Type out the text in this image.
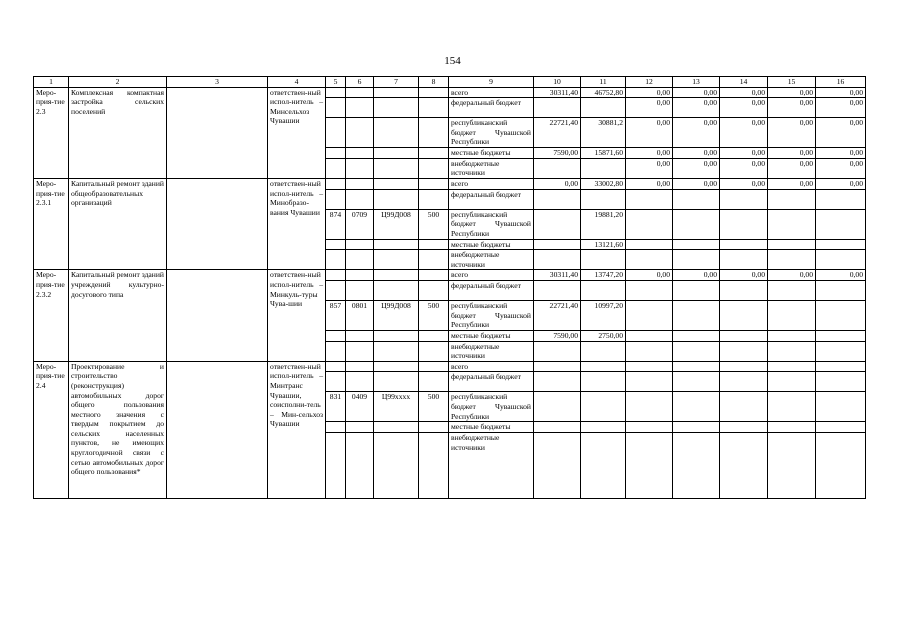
154
1	2	3	4	5	6	7	8	9	10	11	12	13	14	15	16
Меро-прия-тие 2.3	Комплексная компактная застройка сельских поселений		ответствен-ный испол-нитель – Минсельхоз Чувашии					всего	30311,40	46752,80	0,00	0,00	0,00	0,00	0,00
								федеральный бюджет			0,00	0,00	0,00	0,00	0,00
								республиканский бюджет Чувашской Республики	22721,40	30881,2	0,00	0,00	0,00	0,00	0,00
								местные бюджеты	7590,00	15871,60	0,00	0,00	0,00	0,00	0,00
								внебюджетные источники			0,00	0,00	0,00	0,00	0,00
Меро-прия-тие 2.3.1	Капитальный ремонт зданий общеобразовательных организаций		ответствен-ный испол-нитель – Минобразо-вания Чувашии					всего	0,00	33002,80	0,00	0,00	0,00	0,00	0,00
								федеральный бюджет							
				874	0709	Ц99Д008	500	республиканский бюджет Чувашской Республики		19881,20					
								местные бюджеты		13121,60					
								внебюджетные источники							
Меро-прия-тие 2.3.2	Капитальный ремонт зданий учреждений культурно-досугового типа		ответствен-ный испол-нитель – Минкуль-туры Чува-шии					всего	30311,40	13747,20	0,00	0,00	0,00	0,00	0,00
								федеральный бюджет							
				857	0801	Ц99Д008	500	республиканский бюджет Чувашской Республики	22721,40	10997,20					
								местные бюджеты	7590,00	2750,00					
								внебюджетные источники							
Меро-прия-тие 2.4	Проектирование и строительство (реконструкция) автомобильных дорог общего пользования местного значения с твердым покрытием до сельских населенных пунктов, не имеющих круглогодичной связи с сетью автомобильных дорог общего пользования*		ответствен-ный испол-нитель – Минтранс Чувашии, соисполни-тель – Мин-сельхоз Чувашии					всего							
								федеральный бюджет							
				831	0409	Ц99хххх	500	республиканский бюджет Чувашской Республики							
								местные бюджеты							
								внебюджетные источники							
